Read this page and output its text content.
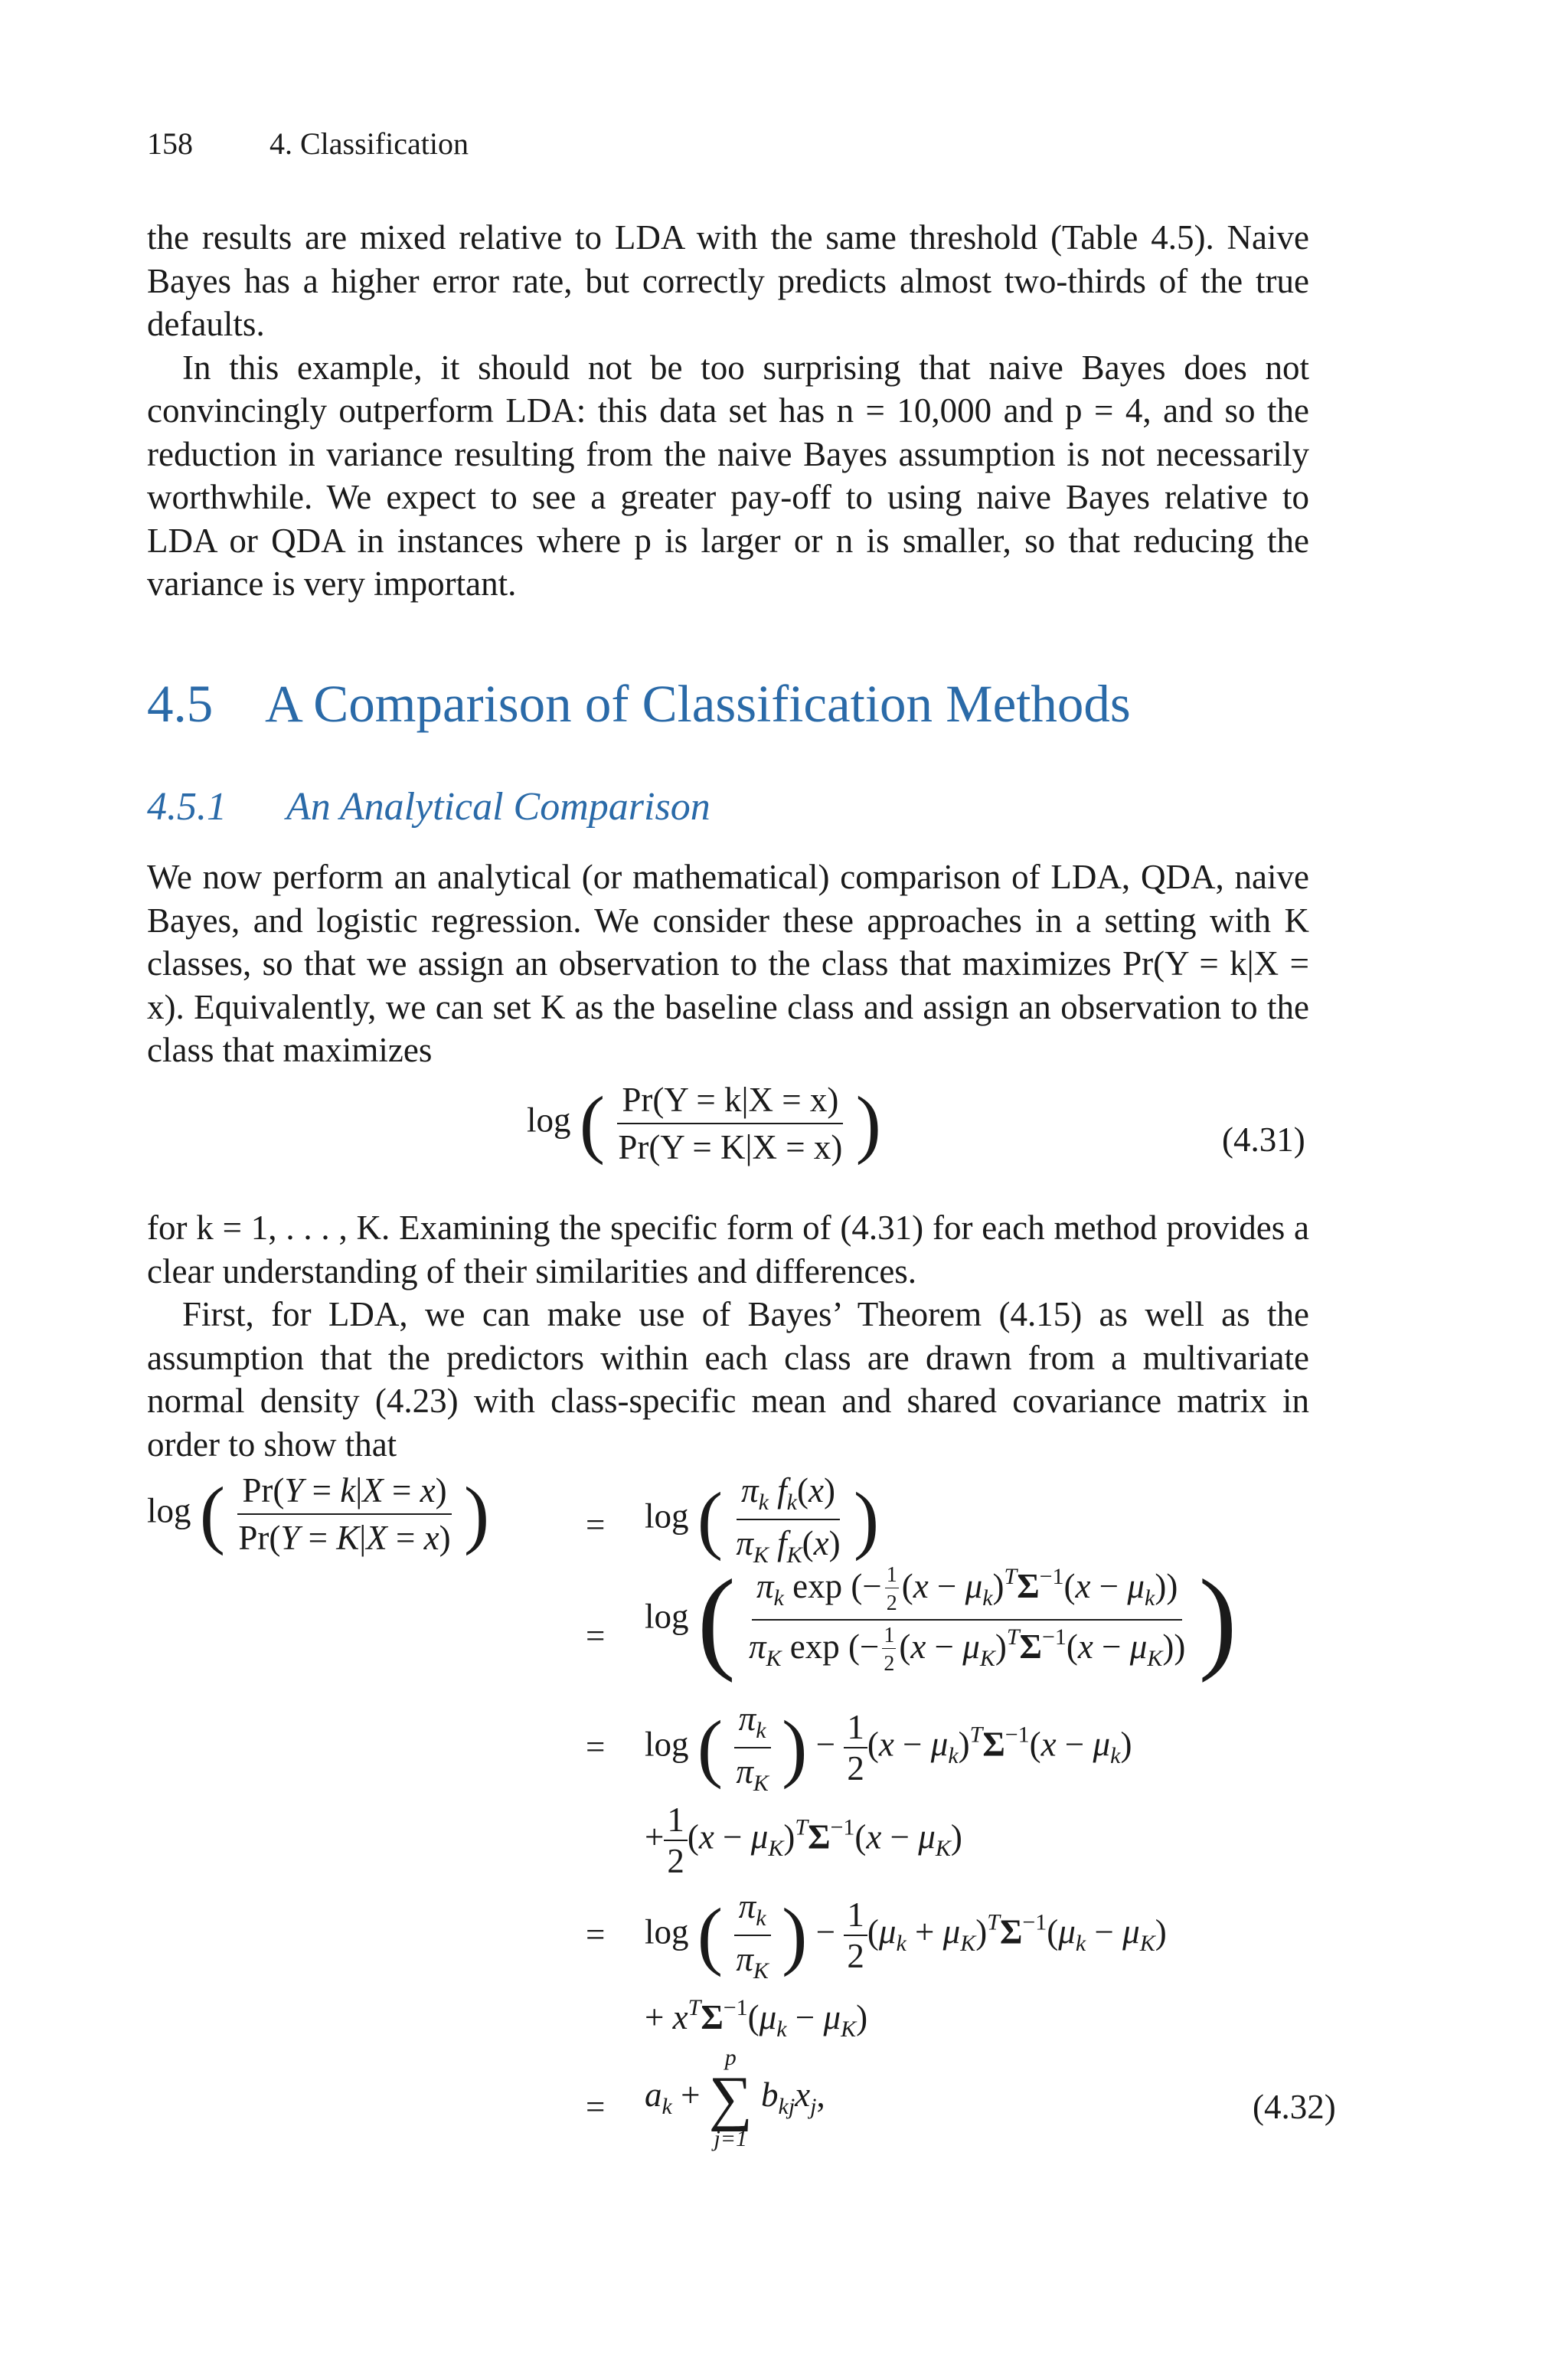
158	4. Classification

the results are mixed relative to LDA with the same threshold (Table 4.5). Naive Bayes has a higher error rate, but correctly predicts almost two-thirds of the true defaults.

In this example, it should not be too surprising that naive Bayes does not convincingly outperform LDA: this data set has n = 10,000 and p = 4, and so the reduction in variance resulting from the naive Bayes assumption is not necessarily worthwhile. We expect to see a greater pay-off to using naive Bayes relative to LDA or QDA in instances where p is larger or n is smaller, so that reducing the variance is very important.

4.5 A Comparison of Classification Methods
4.5.1 An Analytical Comparison

We now perform an analytical (or mathematical) comparison of LDA, QDA, naive Bayes, and logistic regression. We consider these approaches in a setting with K classes, so that we assign an observation to the class that maximizes Pr(Y = k|X = x). Equivalently, we can set K as the baseline class and assign an observation to the class that maximizes

log ( $\frac{Pr(Y = k|X = x)}{Pr(Y = K|X = x)}$ )	(4.31)

for k = 1, . . . , K. Examining the specific form of (4.31) for each method provides a clear understanding of their similarities and differences.

First, for LDA, we can make use of Bayes’ Theorem (4.15) as well as the assumption that the predictors within each class are drawn from a multivariate normal density (4.23) with class-specific mean and shared covariance matrix in order to show that

log ( $\frac{Pr(Y = k|X = x)}{Pr(Y = K|X = x)}$ )	= log ( $\frac{\pi_k f_k(x)}{\pi_K f_K(x)}$ )
=
log ( $\frac{\pi_k \exp (- \frac{1}{2} (x - \mu_k)^T\Sigma^{-1}(x - \mu_k))}{\pi_K \exp (- \frac{1}{2} (x - \mu_K)^T\Sigma^{-1}(x - \mu_K))}$ )
= log ( $\frac{\pi_k}{\pi_K}$ ) − $\frac{1}{2} (x - \mu_k)^T\Sigma^{-1}(x - \mu_k)$
+ $\frac{1}{2} (x - \mu_K)^T\Sigma^{-1}(x - \mu_K)$
= log ( $\frac{\pi_k}{\pi_K}$ ) − $\frac{1}{2} (\mu_k + \mu_K)^T\Sigma^{-1}(\mu_k - \mu_K)$
+ $x^T\Sigma^{-1}(\mu_k - \mu_K)$
= $a_k$ +
p
∑
j=1
$b_{kj}x_j$,	(4.32)
